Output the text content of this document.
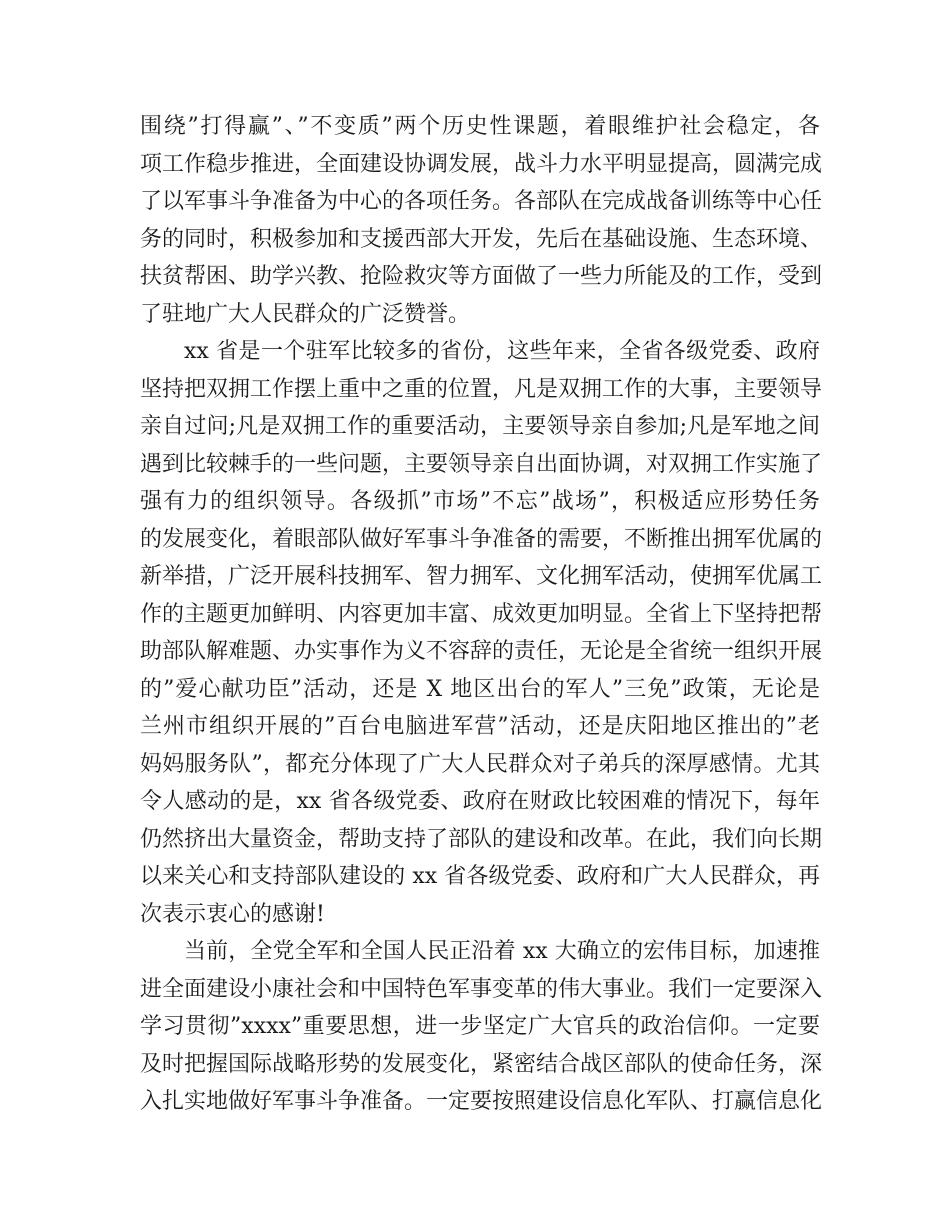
围绕”打得赢”、”不变质”两个历史性课题，着眼维护社会稳定，各
项工作稳步推进，全面建设协调发展，战斗力水平明显提高，圆满完成
了以军事斗争准备为中心的各项任务。各部队在完成战备训练等中心任
务的同时，积极参加和支援西部大开发，先后在基础设施、生态环境、
扶贫帮困、助学兴教、抢险救灾等方面做了一些力所能及的工作，受到
了驻地广大人民群众的广泛赞誉。
xx 省是一个驻军比较多的省份，这些年来，全省各级党委、政府
坚持把双拥工作摆上重中之重的位置，凡是双拥工作的大事，主要领导
亲自过问;凡是双拥工作的重要活动，主要领导亲自参加;凡是军地之间
遇到比较棘手的一些问题，主要领导亲自出面协调，对双拥工作实施了
强有力的组织领导。各级抓”市场”不忘”战场”，积极适应形势任务
的发展变化，着眼部队做好军事斗争准备的需要，不断推出拥军优属的
新举措，广泛开展科技拥军、智力拥军、文化拥军活动，使拥军优属工
作的主题更加鲜明、内容更加丰富、成效更加明显。全省上下坚持把帮
助部队解难题、办实事作为义不容辞的责任，无论是全省统一组织开展
的”爱心献功臣”活动，还是 X 地区出台的军人”三免”政策，无论是
兰州市组织开展的”百台电脑进军营”活动，还是庆阳地区推出的”老
妈妈服务队”，都充分体现了广大人民群众对子弟兵的深厚感情。尤其
令人感动的是，xx 省各级党委、政府在财政比较困难的情况下，每年
仍然挤出大量资金，帮助支持了部队的建设和改革。在此，我们向长期
以来关心和支持部队建设的 xx 省各级党委、政府和广大人民群众，再
次表示衷心的感谢!
当前，全党全军和全国人民正沿着 xx 大确立的宏伟目标，加速推
进全面建设小康社会和中国特色军事变革的伟大事业。我们一定要深入
学习贯彻”xxxx”重要思想，进一步坚定广大官兵的政治信仰。一定要
及时把握国际战略形势的发展变化，紧密结合战区部队的使命任务，深
入扎实地做好军事斗争准备。一定要按照建设信息化军队、打赢信息化
